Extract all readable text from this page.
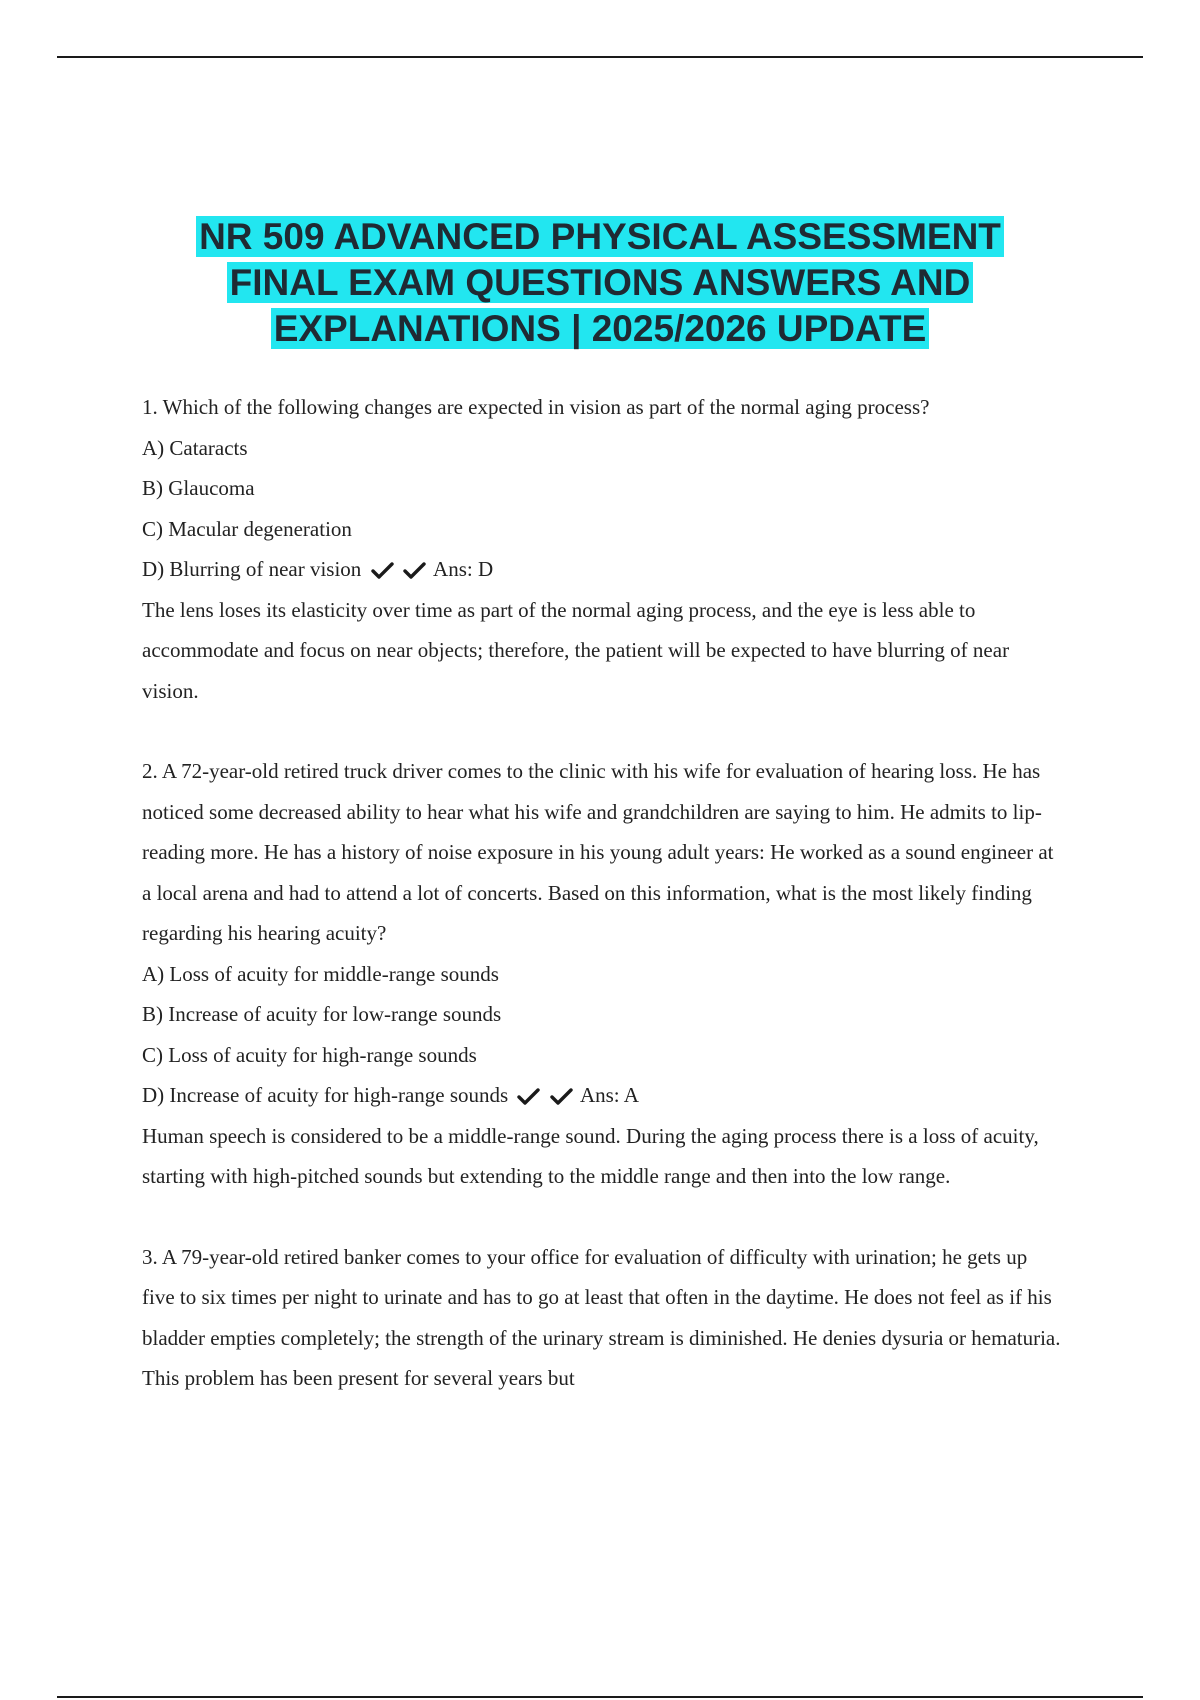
NR 509 ADVANCED PHYSICAL ASSESSMENT
FINAL EXAM QUESTIONS ANSWERS AND
EXPLANATIONS | 2025/2026 UPDATE
1. Which of the following changes are expected in vision as part of the normal aging process?
A) Cataracts
B) Glaucoma
C) Macular degeneration
D) Blurring of near vision
	Ans: D
The lens loses its elasticity over time as part of the normal aging process, and the eye is less able to accommodate and focus on near objects; therefore, the patient will be expected to have blurring of near vision.
2. A 72-year-old retired truck driver comes to the clinic with his wife for evaluation of hearing loss. He has noticed some decreased ability to hear what his wife and grandchildren are saying to him. He admits to lip-reading more. He has a history of noise exposure in his young adult years: He worked as a sound engineer at a local arena and had to attend a lot of concerts. Based on this information, what is the most likely finding regarding his hearing acuity?
A) Loss of acuity for middle-range sounds
B) Increase of acuity for low-range sounds
C) Loss of acuity for high-range sounds
D) Increase of acuity for high-range sounds
	Ans: A
Human speech is considered to be a middle-range sound. During the aging process there is a loss of acuity, starting with high-pitched sounds but extending to the middle range and then into the low range.
3. A 79-year-old retired banker comes to your office for evaluation of difficulty with urination; he gets up five to six times per night to urinate and has to go at least that often in the daytime. He does not feel as if his bladder empties completely; the strength of the urinary stream is diminished. He denies dysuria or hematuria. This problem has been present for several years but
